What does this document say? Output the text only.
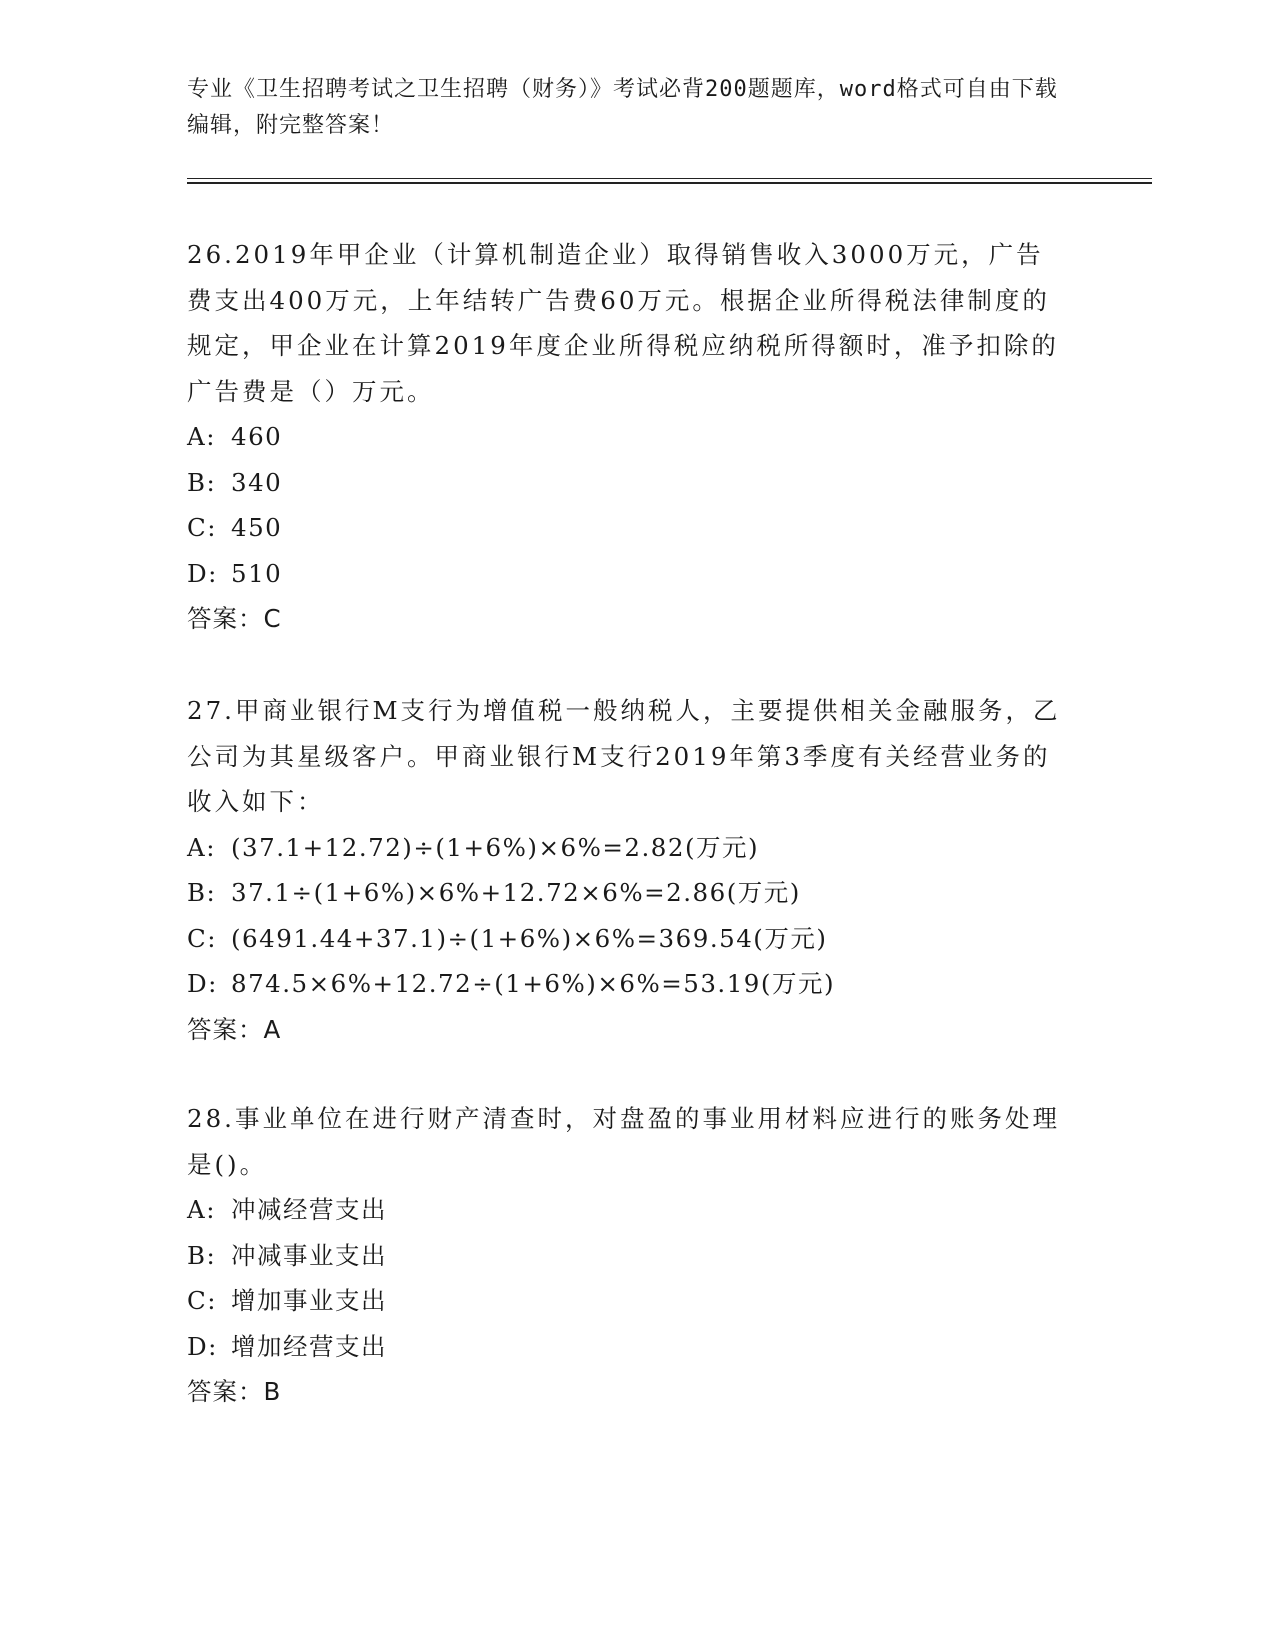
专业《卫生招聘考试之卫生招聘（财务）》考试必背200题题库，word格式可自由下载编辑，附完整答案！

26.2019年甲企业（计算机制造企业）取得销售收入3000万元，广告费支出400万元，上年结转广告费60万元。根据企业所得税法律制度的规定，甲企业在计算2019年度企业所得税应纳税所得额时，准予扣除的广告费是（）万元。

A: 460

B: 340

C: 450

D: 510

答案：C

27.甲商业银行M支行为增值税一般纳税人，主要提供相关金融服务，乙公司为其星级客户。甲商业银行M支行2019年第3季度有关经营业务的收入如下：

A: (37.1+12.72)÷(1+6%)×6%=2.82(万元)

B: 37.1÷(1+6%)×6%+12.72×6%=2.86(万元)

C: (6491.44+37.1)÷(1+6%)×6%=369.54(万元)

D: 874.5×6%+12.72÷(1+6%)×6%=53.19(万元)

答案：A

28.事业单位在进行财产清查时，对盘盈的事业用材料应进行的账务处理是()。

A: 冲减经营支出

B: 冲减事业支出

C: 增加事业支出

D: 增加经营支出

答案：B
